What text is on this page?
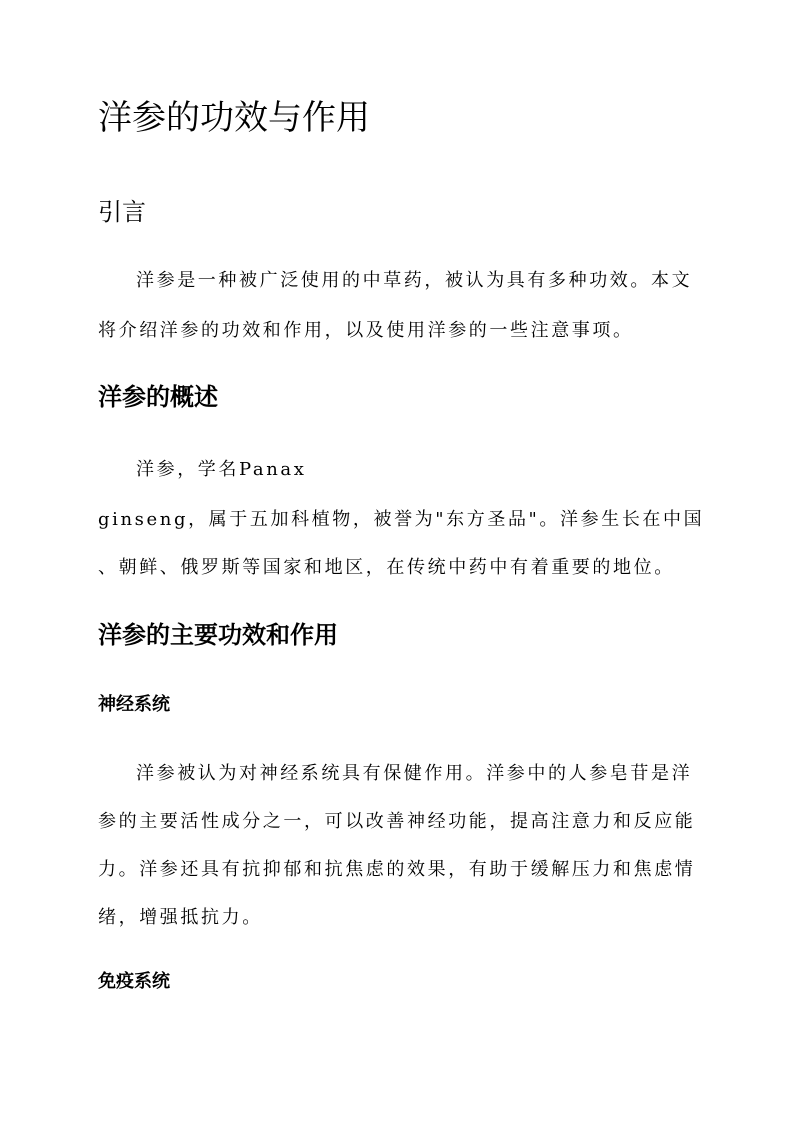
洋参的功效与作用
引言

洋参是一种被广泛使用的中草药，被认为具有多种功效。本文

将介绍洋参的功效和作用，以及使用洋参的一些注意事项。

洋参的概述

洋参，学名Panax

ginseng，属于五加科植物，被誉为"东方圣品"。洋参生长在中国

、朝鲜、俄罗斯等国家和地区，在传统中药中有着重要的地位。

洋参的主要功效和作用
神经系统

洋参被认为对神经系统具有保健作用。洋参中的人参皂苷是洋

参的主要活性成分之一，可以改善神经功能，提高注意力和反应能

力。洋参还具有抗抑郁和抗焦虑的效果，有助于缓解压力和焦虑情

绪，增强抵抗力。

免疫系统
